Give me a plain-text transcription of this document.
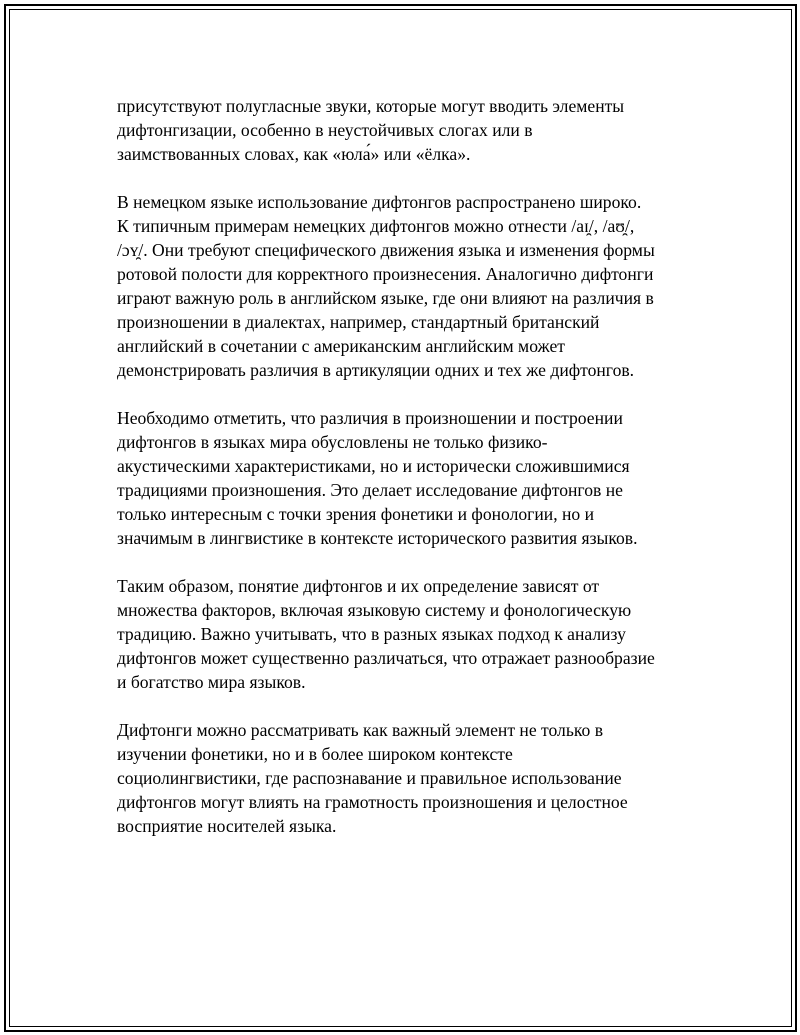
присутствуют полугласные звуки, которые могут вводить элементы
дифтонгизации, особенно в неустойчивых слогах или в
заимствованных словах, как «юла́» или «ёлка».

В немецком языке использование дифтонгов распространено широко.
К типичным примерам немецких дифтонгов можно отнести /aɪ̯/, /aʊ̯/,
/ɔʏ̯/. Они требуют специфического движения языка и изменения формы
ротовой полости для корректного произнесения. Аналогично дифтонги
играют важную роль в английском языке, где они влияют на различия в
произношении в диалектах, например, стандартный британский
английский в сочетании с американским английским может
демонстрировать различия в артикуляции одних и тех же дифтонгов.

Необходимо отметить, что различия в произношении и построении
дифтонгов в языках мира обусловлены не только физико-
акустическими характеристиками, но и исторически сложившимися
традициями произношения. Это делает исследование дифтонгов не
только интересным с точки зрения фонетики и фонологии, но и
значимым в лингвистике в контексте исторического развития языков.

Таким образом, понятие дифтонгов и их определение зависят от
множества факторов, включая языковую систему и фонологическую
традицию. Важно учитывать, что в разных языках подход к анализу
дифтонгов может существенно различаться, что отражает разнообразие
и богатство мира языков.

Дифтонги можно рассматривать как важный элемент не только в
изучении фонетики, но и в более широком контексте
социолингвистики, где распознавание и правильное использование
дифтонгов могут влиять на грамотность произношения и целостное
восприятие носителей языка.
